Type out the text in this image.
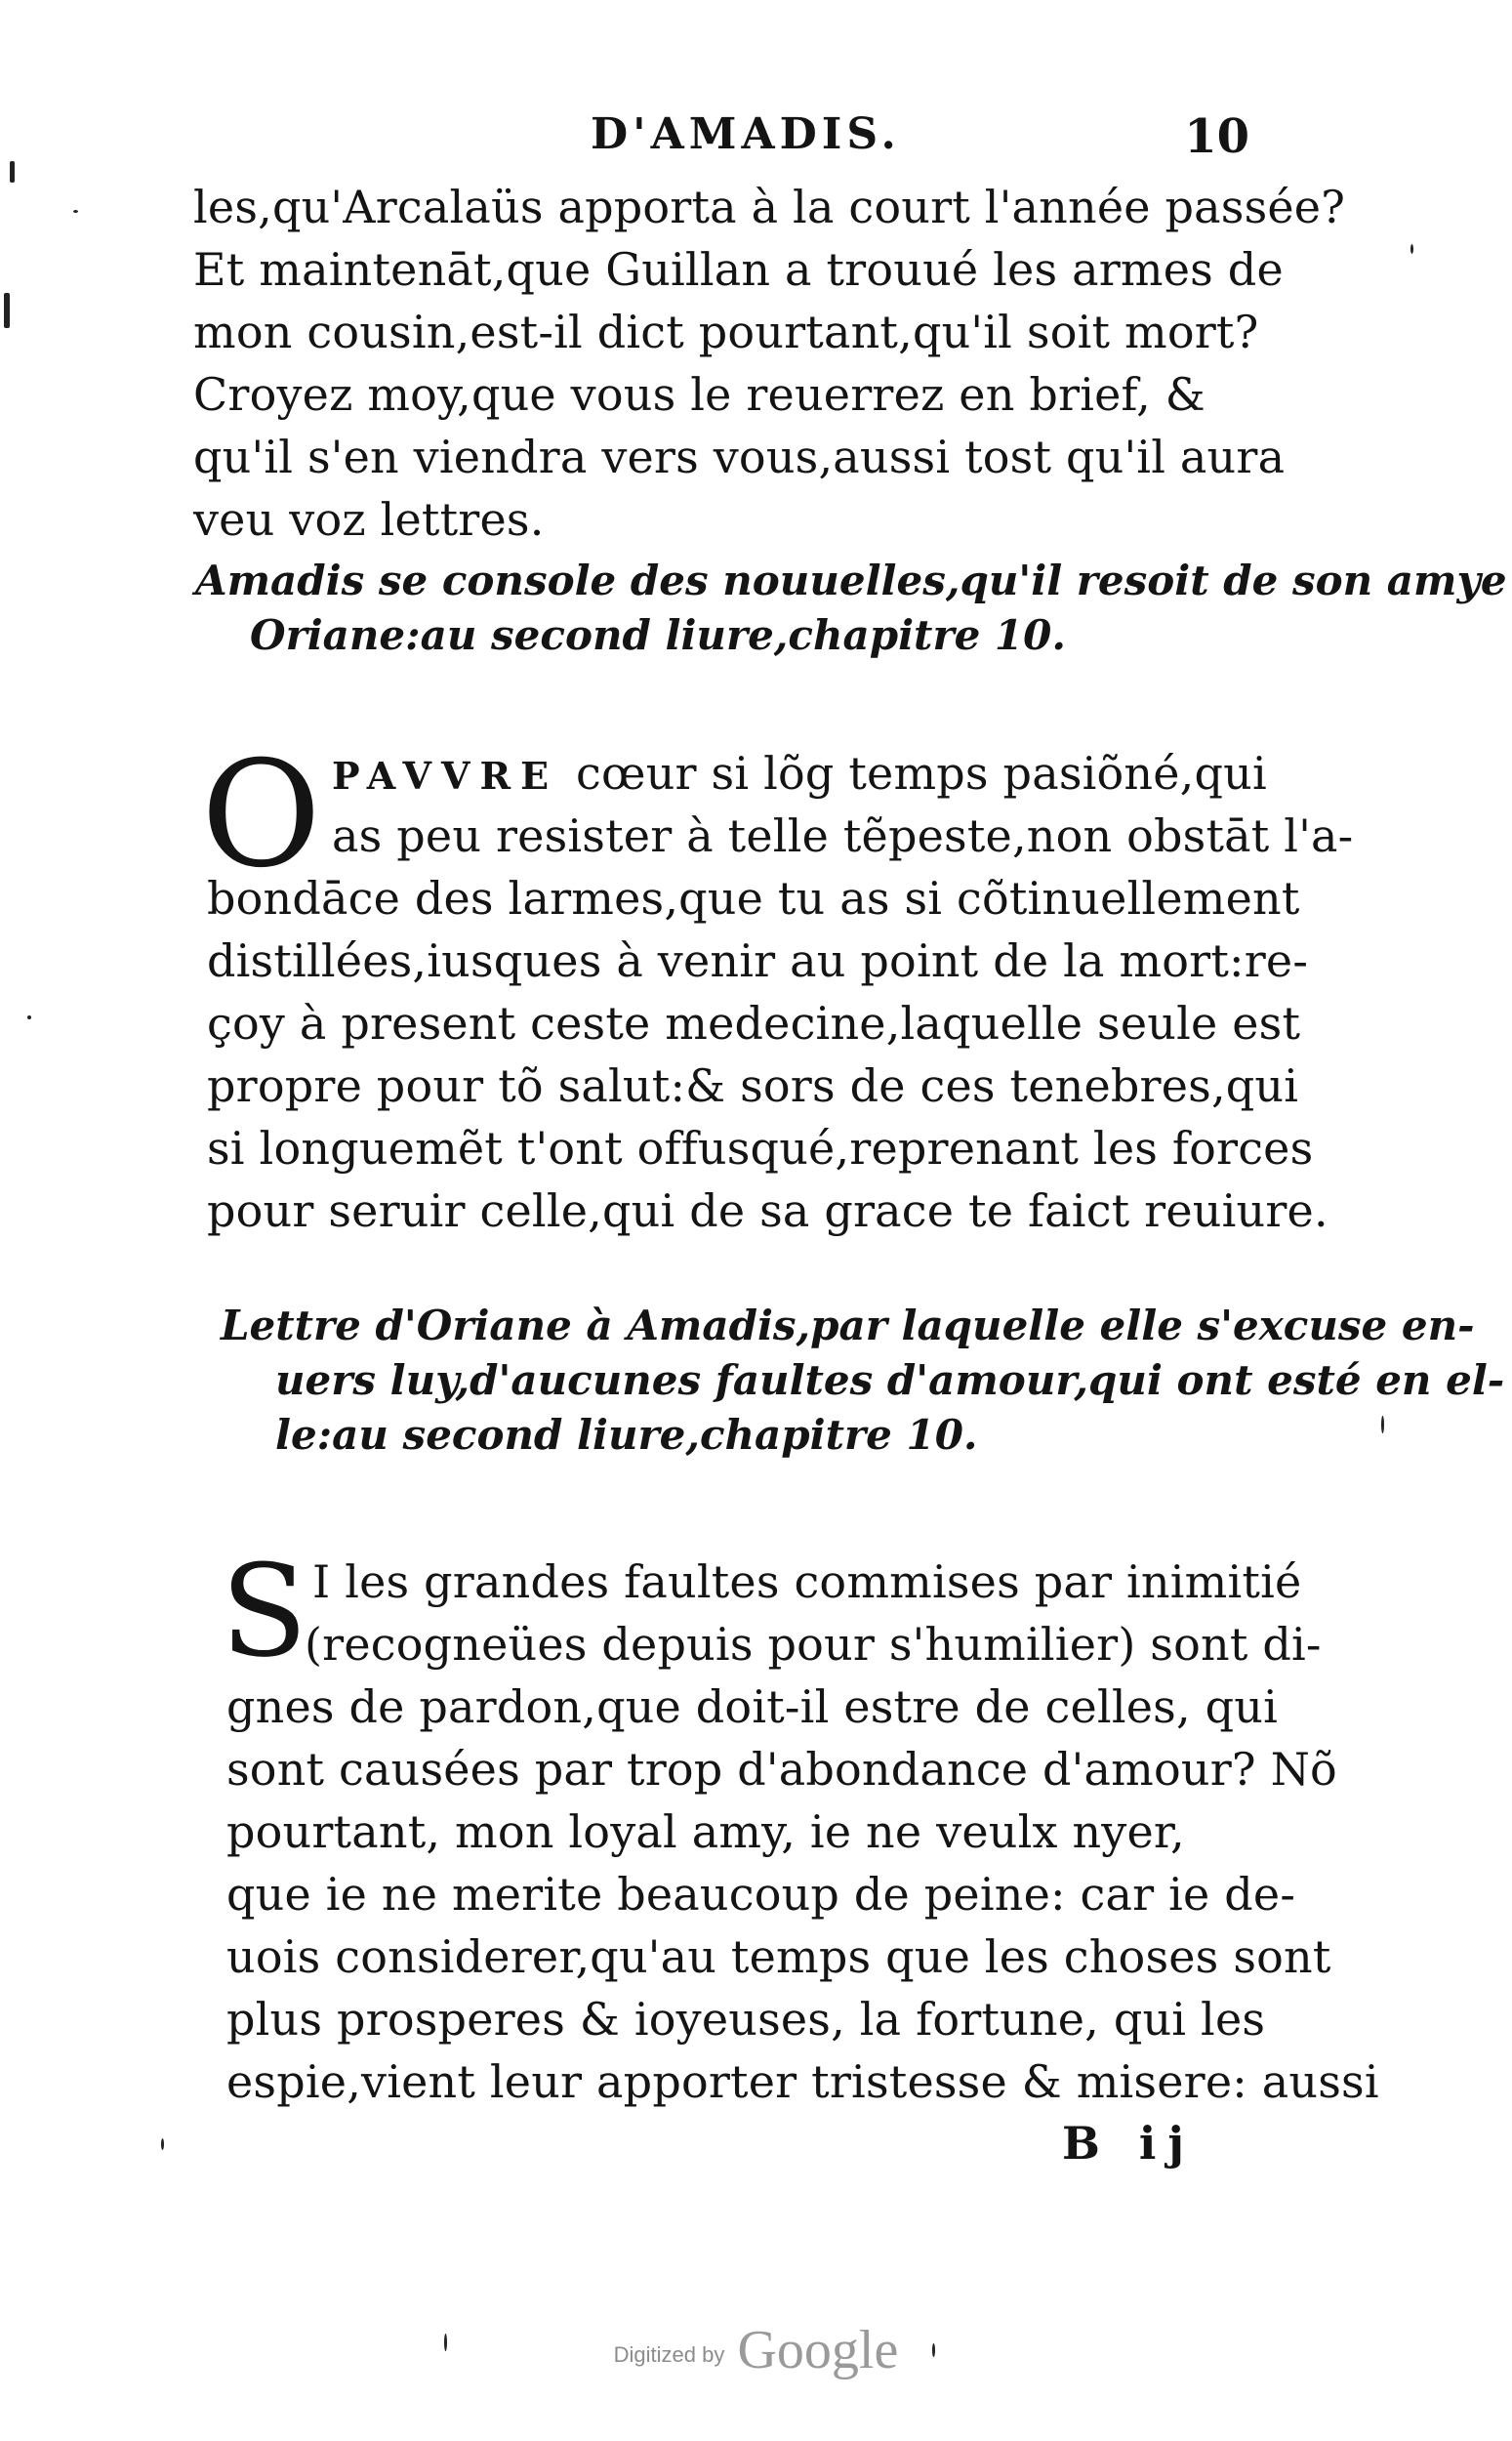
D'AMADIS.	10
les,qu'Arcalaüs apporta à la court l'année passée?
Et maintenāt,que Guillan a trouué les armes de
mon cousin,est-il dict pourtant,qu'il soit mort?
Croyez moy,que vous le reuerrez en brief, &
qu'il s'en viendra vers vous,aussi tost qu'il aura
veu voz lettres.
Amadis se console des nouuelles,qu'il resoit de son amye
Oriane:au second liure,chapitre 10.
O PAVVRE cœur si lõg temps pasiõné,qui
as peu resister à telle tẽpeste,non obstāt l'a-
bondāce des larmes,que tu as si cõtinuellement
distillées,iusques à venir au point de la mort:re-
çoy à present ceste medecine,laquelle seule est
propre pour tõ salut:& sors de ces tenebres,qui
si longuemẽt t'ont offusqué,reprenant les forces
pour seruir celle,qui de sa grace te faict reuiure.
Lettre d'Oriane à Amadis,par laquelle elle s'excuse en-
uers luy,d'aucunes faultes d'amour,qui ont esté en el-
le:au second liure,chapitre 10.
S I les grandes faultes commises par inimitié
(recogneües depuis pour s'humilier) sont di-
gnes de pardon,que doit-il estre de celles, qui
sont causées par trop d'abondance d'amour? Nõ
pourtant, mon loyal amy, ie ne veulx nyer,
que ie ne merite beaucoup de peine: car ie de-
uois considerer,qu'au temps que les choses sont
plus prosperes & ioyeuses, la fortune, qui les
espie,vient leur apporter tristesse & misere: aussi
B ij
Digitized by Google
